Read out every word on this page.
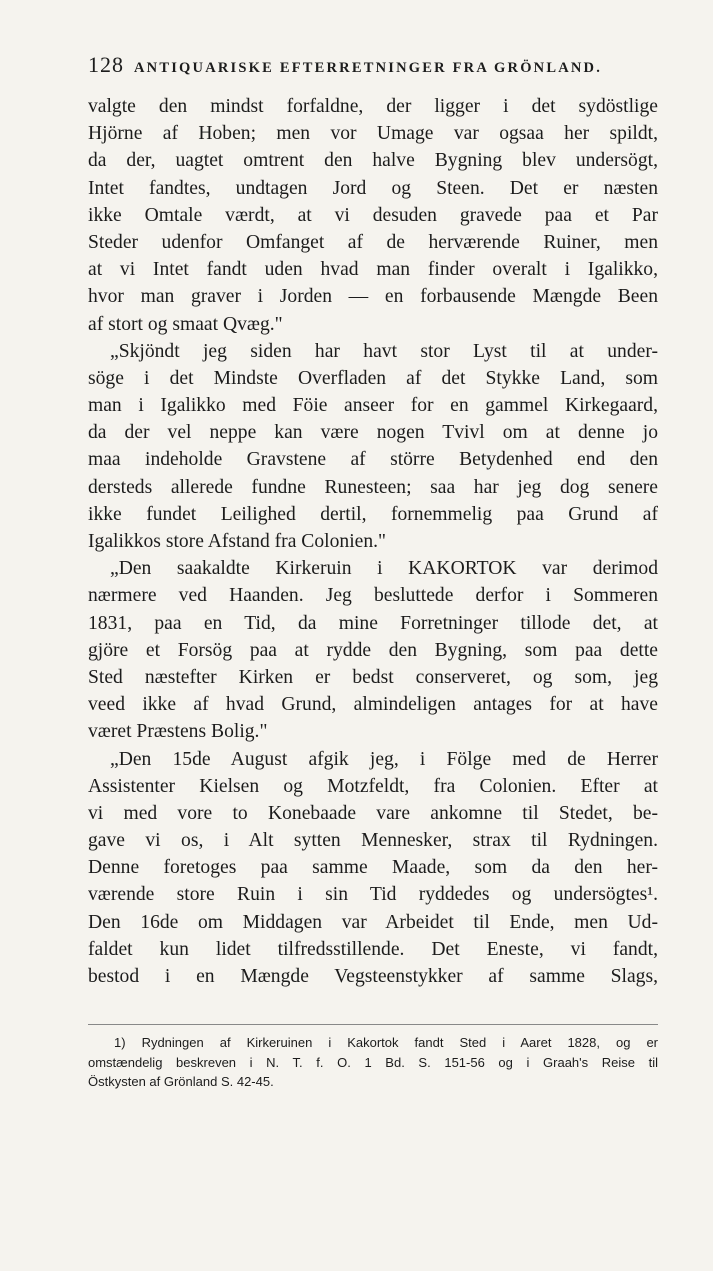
128 ANTIQUARISKE EFTERRETNINGER FRA GRÖNLAND.
valgte den mindst forfaldne, der ligger i det sydöstlige
Hjörne af Hoben; men vor Umage var ogsaa her spildt,
da der, uagtet omtrent den halve Bygning blev undersögt,
Intet fandtes, undtagen Jord og Steen. Det er næsten
ikke Omtale værdt, at vi desuden gravede paa et Par
Steder udenfor Omfanget af de herværende Ruiner, men
at vi Intet fandt uden hvad man finder overalt i Igalikko,
hvor man graver i Jorden — en forbausende Mængde Been
af stort og smaat Qvæg."
„Skjöndt jeg siden har havt stor Lyst til at under-
söge i det Mindste Overfladen af det Stykke Land, som
man i Igalikko med Föie anseer for en gammel Kirkegaard,
da der vel neppe kan være nogen Tvivl om at denne jo
maa indeholde Gravstene af större Betydenhed end den
dersteds allerede fundne Runesteen; saa har jeg dog senere
ikke fundet Leilighed dertil, fornemmelig paa Grund af
Igalikkos store Afstand fra Colonien."
„Den saakaldte Kirkeruin i KAKORTOK var derimod
nærmere ved Haanden. Jeg besluttede derfor i Sommeren
1831, paa en Tid, da mine Forretninger tillode det, at
gjöre et Forsög paa at rydde den Bygning, som paa dette
Sted næstefter Kirken er bedst conserveret, og som, jeg
veed ikke af hvad Grund, almindeligen antages for at have
været Præstens Bolig."
„Den 15de August afgik jeg, i Fölge med de Herrer
Assistenter Kielsen og Motzfeldt, fra Colonien. Efter at
vi med vore to Konebaade vare ankomne til Stedet, be-
gave vi os, i Alt sytten Mennesker, strax til Rydningen.
Denne foretoges paa samme Maade, som da den her-
værende store Ruin i sin Tid ryddedes og undersögtes¹.
Den 16de om Middagen var Arbeidet til Ende, men Ud-
faldet kun lidet tilfredsstillende. Det Eneste, vi fandt,
bestod i en Mængde Vegsteenstykker af samme Slags,
1) Rydningen af Kirkeruinen i Kakortok fandt Sted i Aaret 1828, og er
omstændelig beskreven i N. T. f. O. 1 Bd. S. 151-56 og i Graah's Reise til
Östkysten af Grönland S. 42-45.
